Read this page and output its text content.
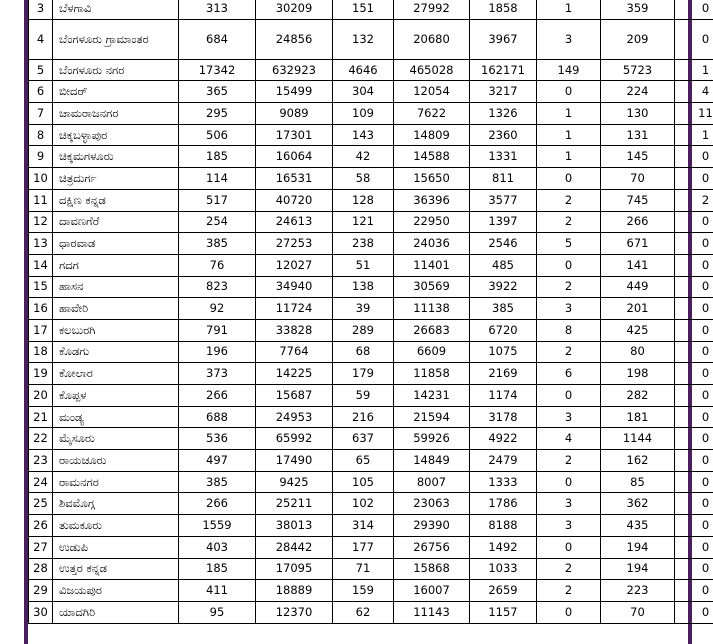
3	ಬೆಳಗಾವಿ	313	30209	151	27992	1858	1	359	0
4	ಬೆಂಗಳೂರು ಗ್ರಾಮಾಂತರ	684	24856	132	20680	3967	3	209	0
5	ಬೆಂಗಳೂರು ನಗರ	17342	632923	4646	465028	162171	149	5723	1
6	ಬೀದರ್	365	15499	304	12054	3217	0	224	4
7	ಚಾಮರಾಜನಗರ	295	9089	109	7622	1326	1	130	11
8	ಚಿಕ್ಕಬಳ್ಳಾಪುರ	506	17301	143	14809	2360	1	131	1
9	ಚಿಕ್ಕಮಗಳೂರು	185	16064	42	14588	1331	1	145	0
10	ಚಿತ್ರದುರ್ಗ	114	16531	58	15650	811	0	70	0
11	ದಕ್ಷಿಣ ಕನ್ನಡ	517	40720	128	36396	3577	2	745	2
12	ದಾವಣಗೆರೆ	254	24613	121	22950	1397	2	266	0
13	ಧಾರವಾಡ	385	27253	238	24036	2546	5	671	0
14	ಗದಗ	76	12027	51	11401	485	0	141	0
15	ಹಾಸನ	823	34940	138	30569	3922	2	449	0
16	ಹಾವೇರಿ	92	11724	39	11138	385	3	201	0
17	ಕಲಬುರಗಿ	791	33828	289	26683	6720	8	425	0
18	ಕೊಡಗು	196	7764	68	6609	1075	2	80	0
19	ಕೋಲಾರ	373	14225	179	11858	2169	6	198	0
20	ಕೊಪ್ಪಳ	266	15687	59	14231	1174	0	282	0
21	ಮಂಡ್ಯ	688	24953	216	21594	3178	3	181	0
22	ಮೈಸೂರು	536	65992	637	59926	4922	4	1144	0
23	ರಾಯಚೂರು	497	17490	65	14849	2479	2	162	0
24	ರಾಮನಗರ	385	9425	105	8007	1333	0	85	0
25	ಶಿವಮೊಗ್ಗ	266	25211	102	23063	1786	3	362	0
26	ತುಮಕೂರು	1559	38013	314	29390	8188	3	435	0
27	ಉಡುಪಿ	403	28442	177	26756	1492	0	194	0
28	ಉತ್ತರ ಕನ್ನಡ	185	17095	71	15868	1033	2	194	0
29	ವಿಜಯಪುರ	411	18889	159	16007	2659	2	223	0
30	ಯಾದಗಿರಿ	95	12370	62	11143	1157	0	70	0
